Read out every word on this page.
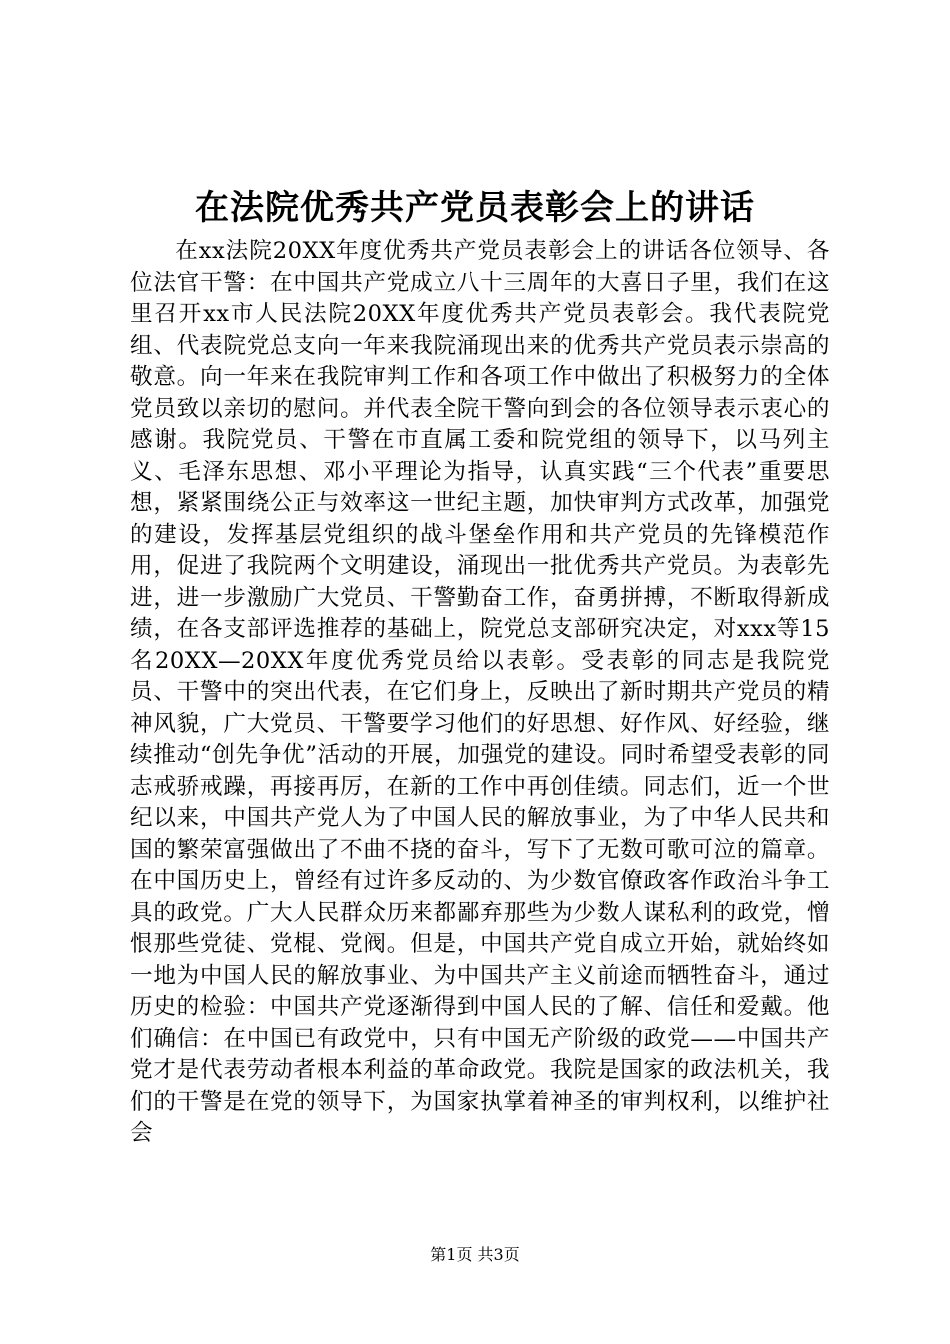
在法院优秀共产党员表彰会上的讲话

在xx法院20XX年度优秀共产党员表彰会上的讲话各位领导、各位法官干警：在中国共产党成立八十三周年的大喜日子里，我们在这里召开xx市人民法院20XX年度优秀共产党员表彰会。我代表院党组、代表院党总支向一年来我院涌现出来的优秀共产党员表示崇高的敬意。向一年来在我院审判工作和各项工作中做出了积极努力的全体党员致以亲切的慰问。并代表全院干警向到会的各位领导表示衷心的感谢。我院党员、干警在市直属工委和院党组的领导下，以马列主义、毛泽东思想、邓小平理论为指导，认真实践“三个代表”重要思想，紧紧围绕公正与效率这一世纪主题，加快审判方式改革，加强党的建设，发挥基层党组织的战斗堡垒作用和共产党员的先锋模范作用，促进了我院两个文明建设，涌现出一批优秀共产党员。为表彰先进，进一步激励广大党员、干警勤奋工作，奋勇拼搏，不断取得新成绩，在各支部评选推荐的基础上，院党总支部研究决定，对xxx等15名20XX—20XX年度优秀党员给以表彰。受表彰的同志是我院党员、干警中的突出代表，在它们身上，反映出了新时期共产党员的精神风貌，广大党员、干警要学习他们的好思想、好作风、好经验，继续推动“创先争优”活动的开展，加强党的建设。同时希望受表彰的同志戒骄戒躁，再接再厉，在新的工作中再创佳绩。同志们，近一个世纪以来，中国共产党人为了中国人民的解放事业，为了中华人民共和国的繁荣富强做出了不曲不挠的奋斗，写下了无数可歌可泣的篇章。在中国历史上，曾经有过许多反动的、为少数官僚政客作政治斗争工具的政党。广大人民群众历来都鄙弃那些为少数人谋私利的政党，憎恨那些党徒、党棍、党阀。但是，中国共产党自成立开始，就始终如一地为中国人民的解放事业、为中国共产主义前途而牺牲奋斗，通过历史的检验：中国共产党逐渐得到中国人民的了解、信任和爱戴。他们确信：在中国已有政党中，只有中国无产阶级的政党——中国共产党才是代表劳动者根本利益的革命政党。我院是国家的政法机关，我们的干警是在党的领导下，为国家执掌着神圣的审判权利，以维护社会

第1页 共3页
